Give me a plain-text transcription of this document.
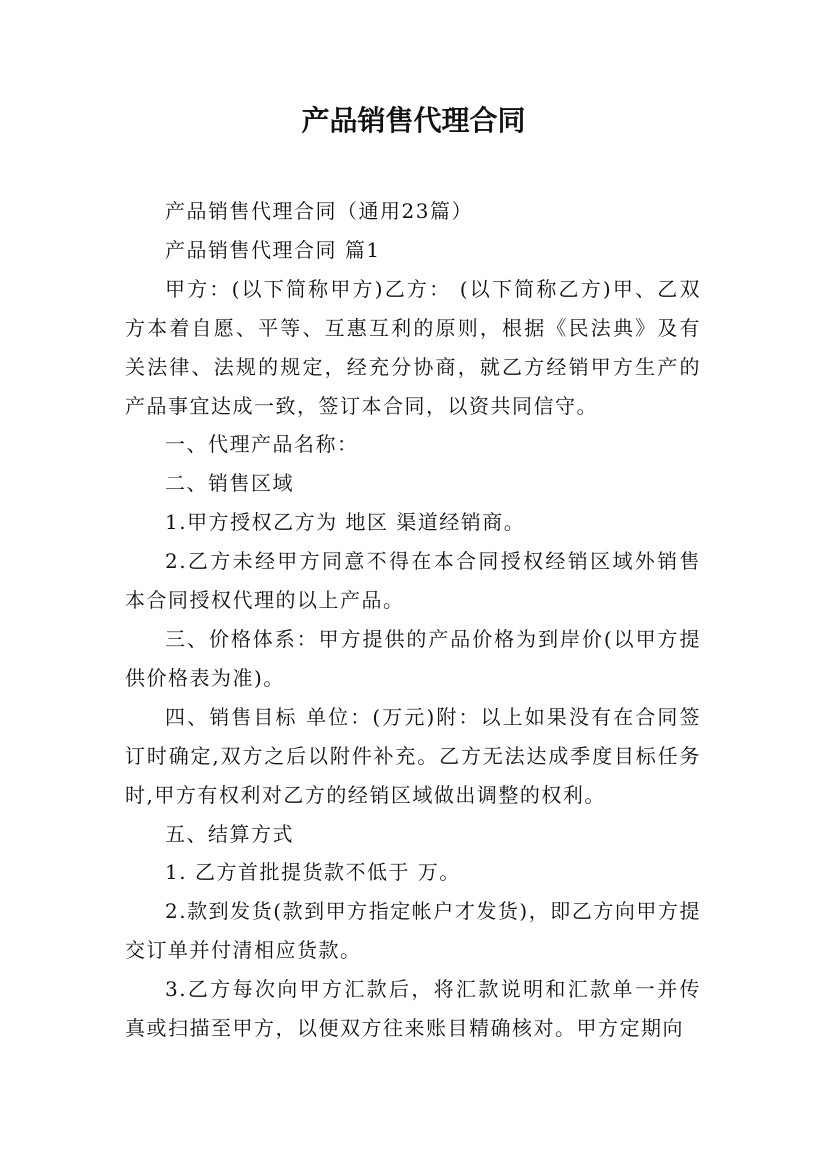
产品销售代理合同

产品销售代理合同（通用23篇）

产品销售代理合同 篇1

甲方：(以下简称甲方)乙方： (以下简称乙方)甲、乙双方本着自愿、平等、互惠互利的原则，根据《民法典》及有关法律、法规的规定，经充分协商，就乙方经销甲方生产的产品事宜达成一致，签订本合同，以资共同信守。

一、代理产品名称：

二、销售区域

1.甲方授权乙方为 地区 渠道经销商。

2.乙方未经甲方同意不得在本合同授权经销区域外销售本合同授权代理的以上产品。

三、价格体系：甲方提供的产品价格为到岸价(以甲方提供价格表为准)。

四、销售目标 单位：(万元)附：以上如果没有在合同签订时确定,双方之后以附件补充。乙方无法达成季度目标任务时,甲方有权利对乙方的经销区域做出调整的权利。

五、结算方式

1. 乙方首批提货款不低于 万。

2.款到发货(款到甲方指定帐户才发货)，即乙方向甲方提交订单并付清相应货款。

3.乙方每次向甲方汇款后，将汇款说明和汇款单一并传真或扫描至甲方，以便双方往来账目精确核对。甲方定期向
